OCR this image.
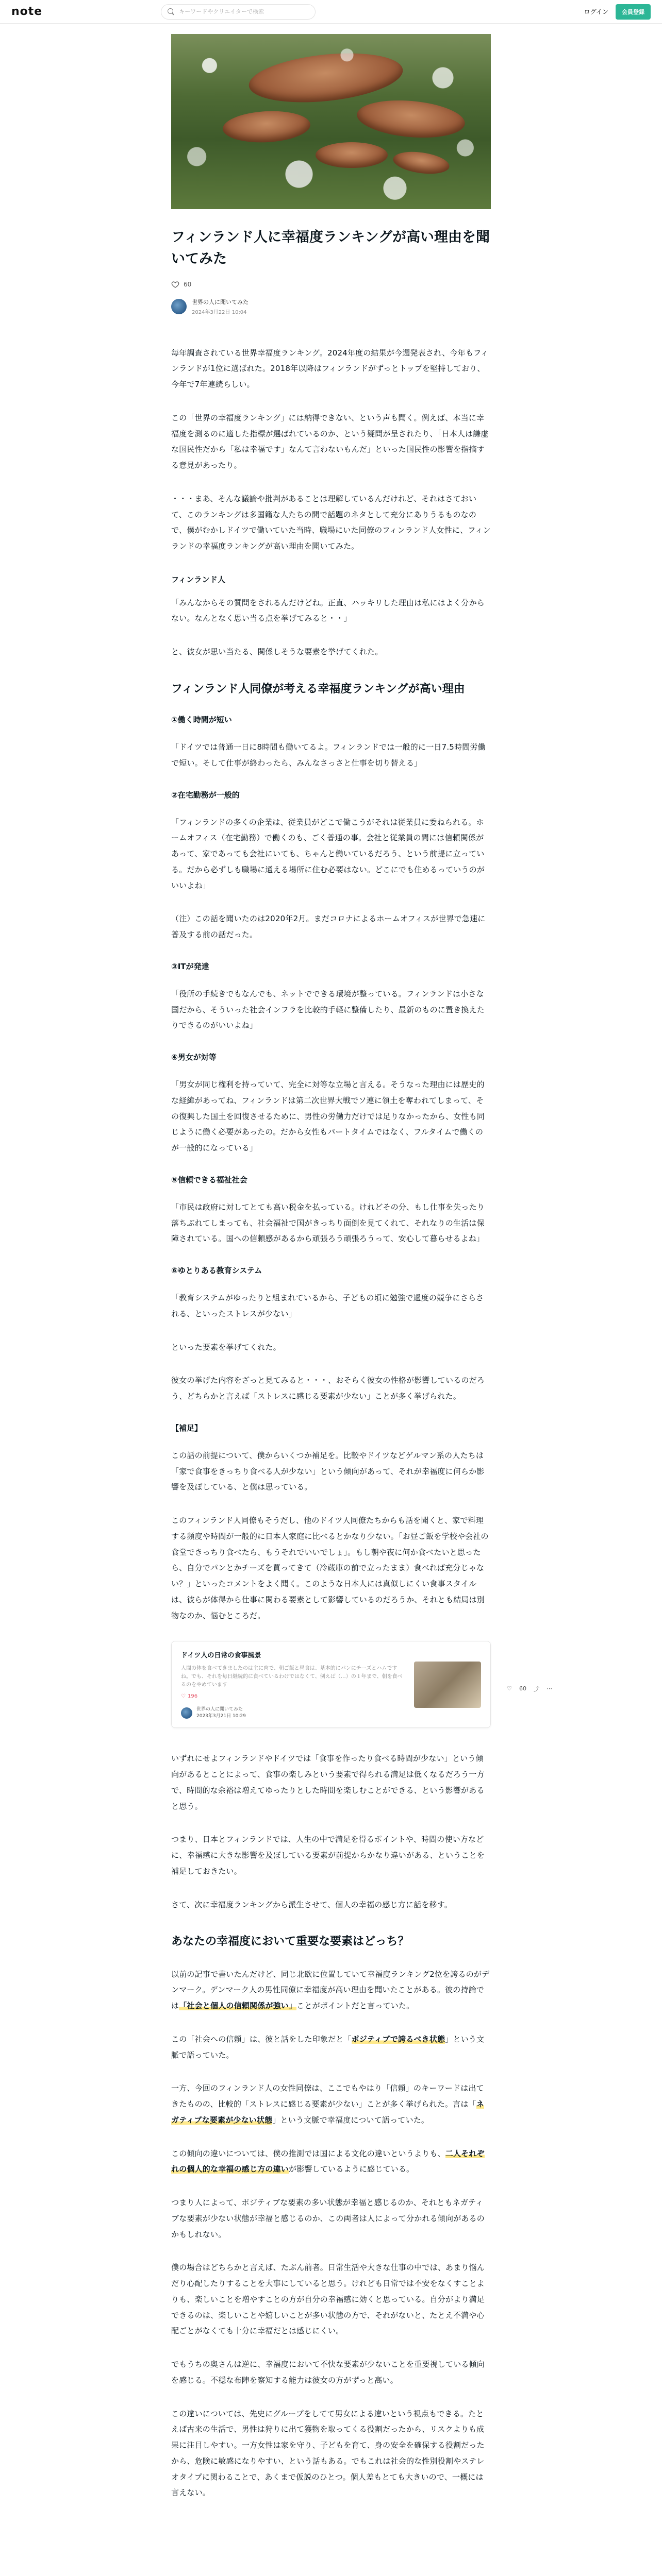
note
キーワードやクリエイターで検索	ログイン	会員登録
フィンランド人に幸福度ランキングが高い理由を聞いてみた
60
世界の人に聞いてみた
2024年3月22日 10:04

毎年調査されている世界幸福度ランキング。2024年度の結果が今週発表され、今年もフィンランドが1位に選ばれた。2018年以降はフィンランドがずっとトップを堅持しており、今年で7年連続らしい。

この「世界の幸福度ランキング」には納得できない、という声も聞く。例えば、本当に幸福度を測るのに適した指標が選ばれているのか、という疑問が呈されたり、「日本人は謙虚な国民性だから「私は幸福です」なんて言わないもんだ」といった国民性の影響を指摘する意見があったり。

・・・まあ、そんな議論や批判があることは理解しているんだけれど、それはさておいて、このランキングは多国籍な人たちの間で話題のネタとして充分にありうるものなので、僕がむかしドイツで働いていた当時、職場にいた同僚のフィンランド人女性に、フィンランドの幸福度ランキングが高い理由を聞いてみた。

フィンランド人

「みんなからその質問をされるんだけどね。正直、ハッキリした理由は私にはよく分からない。なんとなく思い当る点を挙げてみると・・」

と、彼女が思い当たる、関係しそうな要素を挙げてくれた。

フィンランド人同僚が考える幸福度ランキングが高い理由
①働く時間が短い

「ドイツでは普通一日に8時間も働いてるよ。フィンランドでは一般的に一日7.5時間労働で短い。そして仕事が終わったら、みんなさっさと仕事を切り替える」

②在宅勤務が一般的

「フィンランドの多くの企業は、従業員がどこで働こうがそれは従業員に委ねられる。ホームオフィス（在宅勤務）で働くのも、ごく普通の事。会社と従業員の間には信頼関係があって、家であっても会社にいても、ちゃんと働いているだろう、という前提に立っている。だから必ずしも職場に通える場所に住む必要はない。どこにでも住めるっていうのがいいよね」

（注）この話を聞いたのは2020年2月。まだコロナによるホームオフィスが世界で急速に普及する前の話だった。

③ITが発達

「役所の手続きでもなんでも、ネットでできる環境が整っている。フィンランドは小さな国だから、そういった社会インフラを比較的手軽に整備したり、最新のものに置き換えたりできるのがいいよね」

④男女が対等

「男女が同じ権利を持っていて、完全に対等な立場と言える。そうなった理由には歴史的な経緯があってね、フィンランドは第二次世界大戦でソ連に領土を奪われてしまって、その復興した国土を回復させるために、男性の労働力だけでは足りなかったから、女性も同じように働く必要があったの。だから女性もパートタイムではなく、フルタイムで働くのが一般的になっている」

⑤信頼できる福祉社会

「市民は政府に対してとても高い税金を払っている。けれどその分、もし仕事を失ったり落ちぶれてしまっても、社会福祉で国がきっちり面倒を見てくれて、それなりの生活は保障されている。国への信頼感があるから頑張ろう頑張ろうって、安心して暮らせるよね」

⑥ゆとりある教育システム

「教育システムがゆったりと組まれているから、子どもの頃に勉強で過度の競争にさらされる、といったストレスが少ない」

といった要素を挙げてくれた。

彼女の挙げた内容をざっと見てみると・・・、おそらく彼女の性格が影響しているのだろう、どちらかと言えば「ストレスに感じる要素が少ない」ことが多く挙げられた。

【補足】

この話の前提について、僕からいくつか補足を。比較やドイツなどゲルマン系の人たちは「家で食事をきっちり食べる人が少ない」という傾向があって、それが幸福度に何らか影響を及ぼしている、と僕は思っている。

このフィンランド人同僚もそうだし、他のドイツ人同僚たちからも話を聞くと、家で料理する頻度や時間が一般的に日本人家庭に比べるとかなり少ない。「お昼ご飯を学校や会社の食堂できっちり食べたら、もうそれでいいでしょ」。もし朝や夜に何か食べたいと思ったら、自分でパンとかチーズを買ってきて（冷蔵庫の前で立ったまま）食べれば充分じゃない？」といったコメントをよく聞く。このような日本人には真似しにくい食事スタイルは、彼らが体得から仕事に関わる要素として影響しているのだろうか、それとも結局は別物なのか、悩むところだ。

ドイツ人の日常の食事風景
人間の体を食べてきましたのは主に肉で、朝ご飯と昼食は、基本的にパンにチーズとハムですね。でも、それを毎日継続的に食べているわけではなくて、例えば（…）の１年まで、朝を食べるのをやめています
♡ 196
世界の人に聞いてみた
2023年3月21日 10:29
♡ 60 ⤴ ⋯

いずれにせよフィンランドやドイツでは「食事を作ったり食べる時間が少ない」という傾向があるとことによって、食事の楽しみという要素で得られる満足は低くなるだろう一方で、時間的な余裕は増えてゆったりとした時間を楽しむことができる、という影響があると思う。

つまり、日本とフィンランドでは、人生の中で満足を得るポイントや、時間の使い方などに、幸福感に大きな影響を及ぼしている要素が前提からかなり違いがある、ということを補足しておきたい。

さて、次に幸福度ランキングから派生させて、個人の幸福の感じ方に話を移す。

あなたの幸福度において重要な要素はどっち？

以前の記事で書いたんだけど、同じ北欧に位置していて幸福度ランキング2位を誇るのがデンマーク。デンマーク人の男性同僚に幸福度が高い理由を聞いたことがある。彼の持論では「社会と個人の信頼関係が強い」ことがポイントだと言っていた。

この「社会への信頼」は、彼と話をした印象だと「ポジティブで誇るべき状態」という文脈で語っていた。

一方、今回のフィンランド人の女性同僚は、ここでもやはり「信頼」のキーワードは出てきたものの、比較的「ストレスに感じる要素が少ない」ことが多く挙げられた。言は「ネガティブな要素が少ない状態」という文脈で幸福度について語っていた。

この傾向の違いについては、僕の推測では国による文化の違いというよりも、二人それぞれの個人的な幸福の感じ方の違いが影響しているように感じている。

つまり人によって、ポジティブな要素の多い状態が幸福と感じるのか、それともネガティブな要素が少ない状態が幸福と感じるのか、この両者は人によって分かれる傾向があるのかもしれない。

僕の場合はどちらかと言えば、たぶん前者。日常生活や大きな仕事の中では、あまり悩んだり心配したりすることを大事にしていると思う。けれども日常では不安をなくすことよりも、楽しいことを増やすことの方が自分の幸福感に効くと思っている。自分がより満足できるのは、楽しいことや嬉しいことが多い状態の方で、それがないと、たとえ不満や心配ごとがなくても十分に幸福だとは感じにくい。

でもうちの奥さんは逆に、幸福度において不快な要素が少ないことを重要視している傾向を感じる。不穏な布陣を察知する能力は彼女の方がずっと高い。

この違いについては、先史にグループをしてて男女による違いという視点もできる。たとえば古来の生活で、男性は狩りに出て獲物を取ってくる役割だったから、リスクよりも成果に注目しやすい。一方女性は家を守り、子どもを育て、身の安全を確保する役割だったから、危険に敏感になりやすい、という話もある。でもこれは社会的な性別役割やステレオタイプに関わることで、あくまで仮説のひとつ。個人差もとても大きいので、一概には言えない。
